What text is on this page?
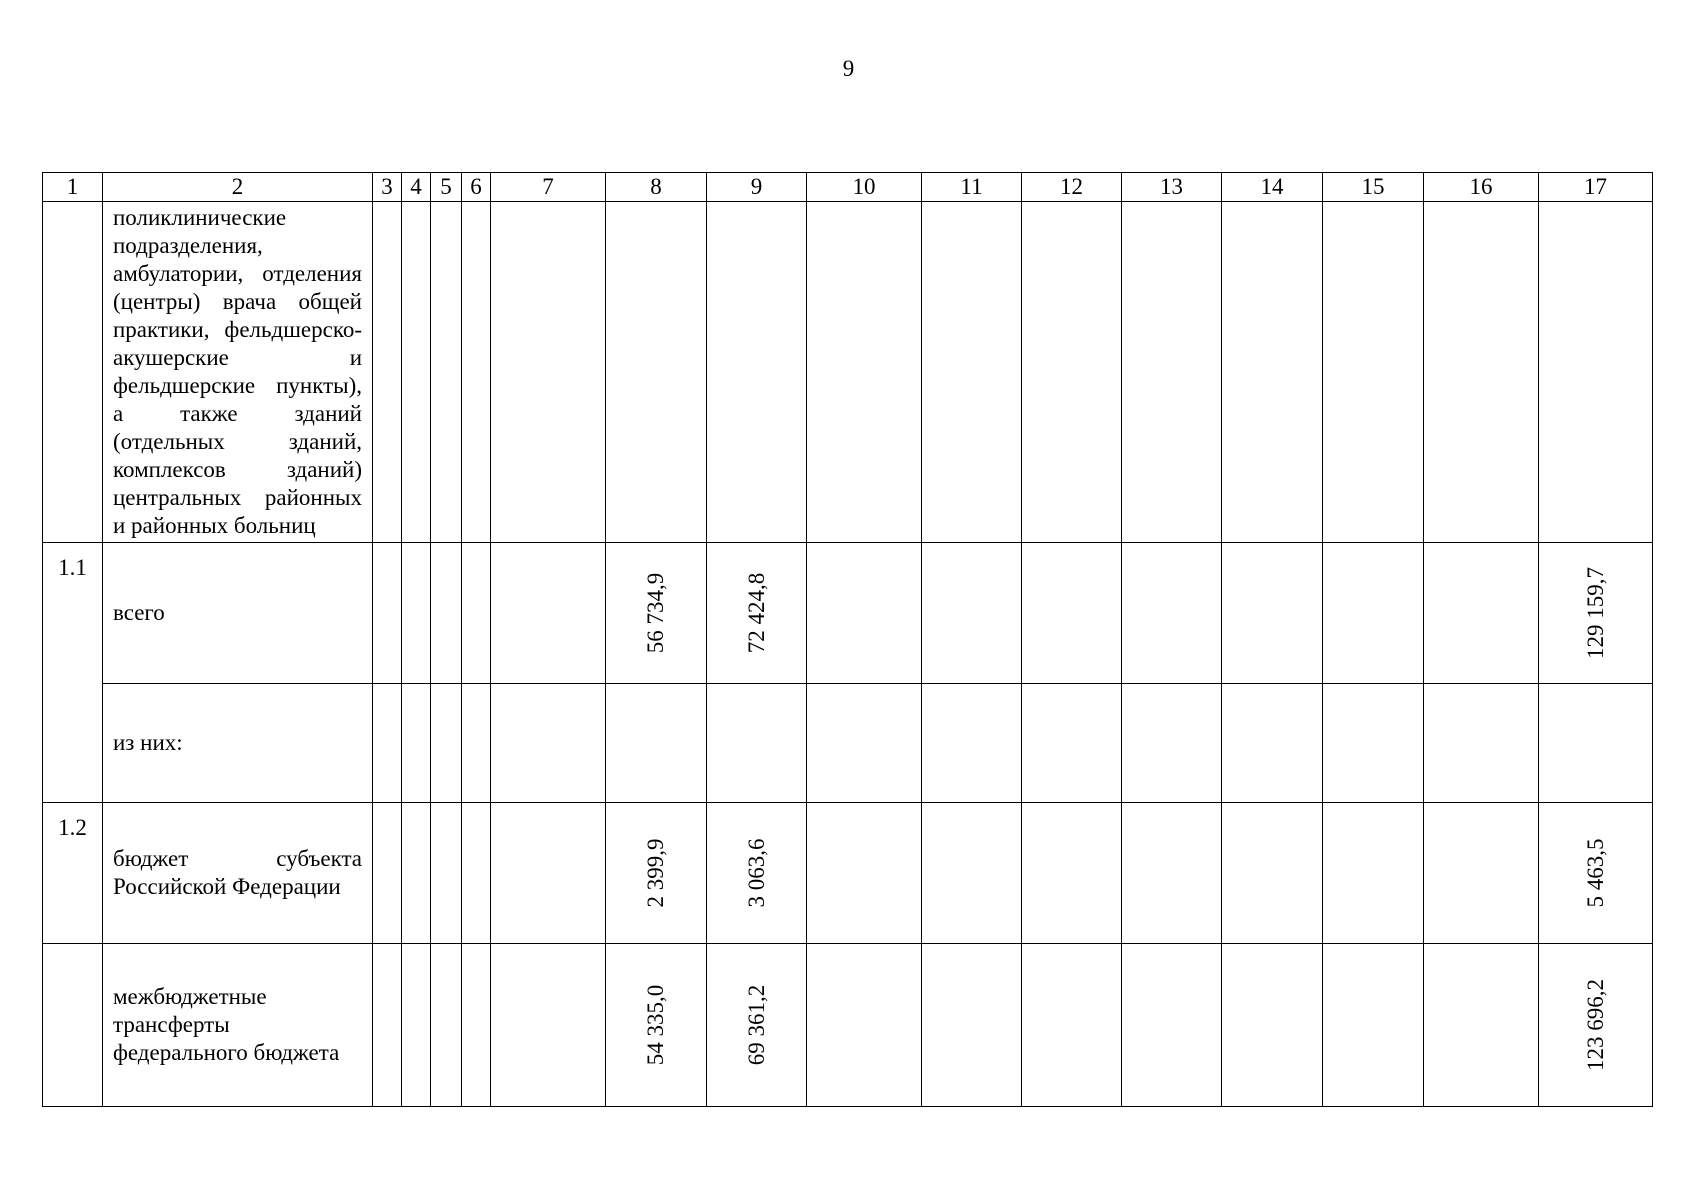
9
1	2	3	4	5	6	7	8	9	10	11	12	13	14	15	16	17
	поликлинические подразделения, амбулатории, отделения (центры) врача общей практики, фельдшерско-акушерские и фельдшерские пункты), а также зданий (отдельных зданий, комплексов зданий) центральных районных и районных больниц															
1.1	всего						56 734,9	72 424,8								129 159,7

	из них:															
1.2	бюджет субъекта Российской Федерации						2 399,9	3 063,6								5 463,5

	межбюджетные трансферты федерального бюджета						54 335,0	69 361,2								123 696,2
